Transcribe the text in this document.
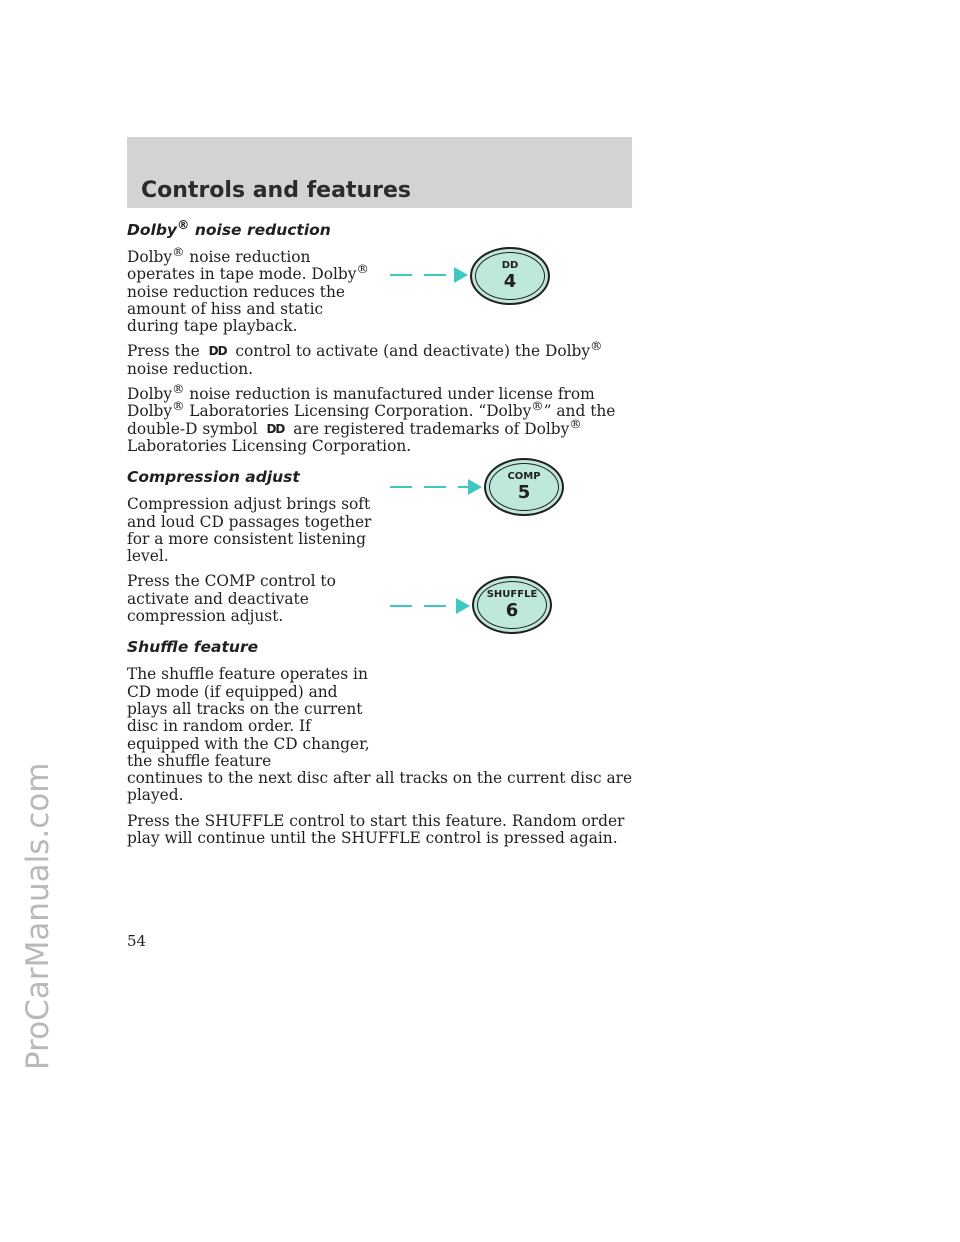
ProCarManuals.com
Controls and features
Dolby® noise reduction

Dolby® noise reduction operates in tape mode. Dolby® noise reduction reduces the amount of hiss and static during tape playback.

Press the DD control to activate (and deactivate) the Dolby® noise reduction.

Dolby® noise reduction is manufactured under license from Dolby® Laboratories Licensing Corporation. “Dolby®” and the double-D symbol DD are registered trademarks of Dolby® Laboratories Licensing Corporation.

Compression adjust

Compression adjust brings soft and loud CD passages together for a more consistent listening level.

Press the COMP control to activate and deactivate compression adjust.

Shuffle feature

The shuffle feature operates in CD mode (if equipped) and plays all tracks on the current disc in random order. If equipped with the CD changer, the shuffle feature

continues to the next disc after all tracks on the current disc are played.

Press the SHUFFLE control to start this feature. Random order play will continue until the SHUFFLE control is pressed again.

DD
4
COMP
5
SHUFFLE
6
54
